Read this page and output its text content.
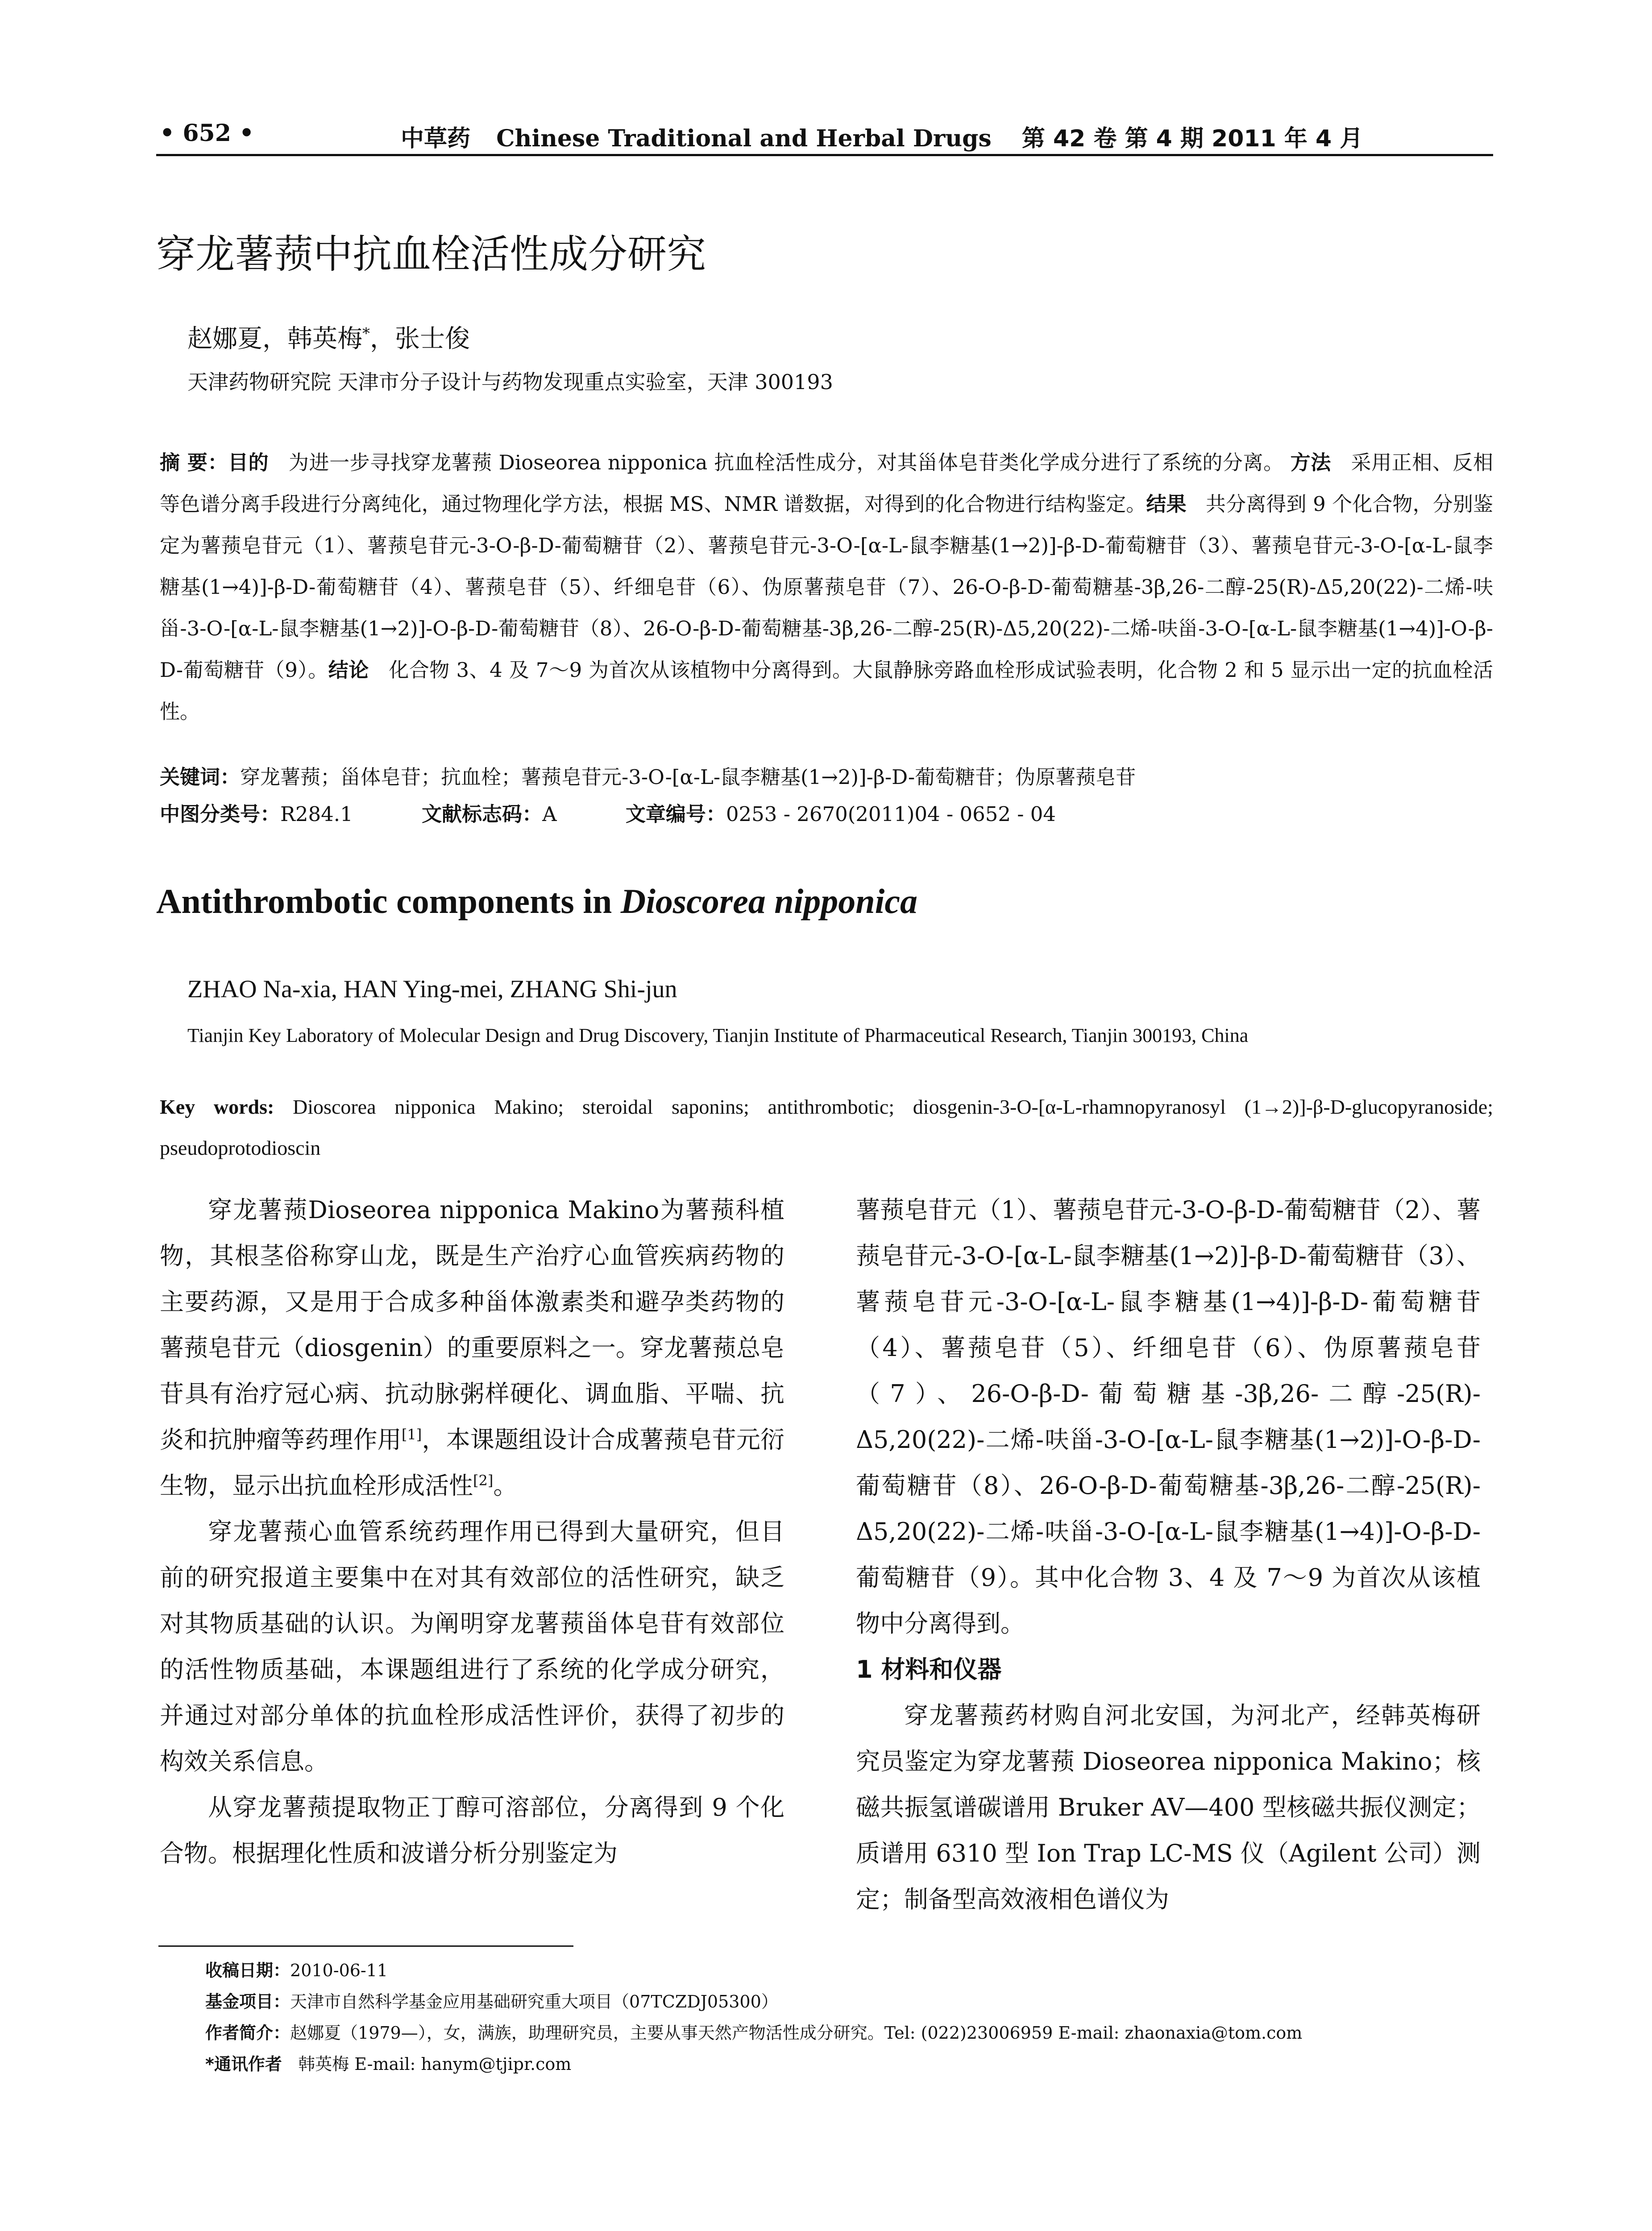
• 652 •	中草药 Chinese Traditional and Herbal Drugs 第 42 卷 第 4 期 2011 年 4 月
穿龙薯蓣中抗血栓活性成分研究
赵娜夏，韩英梅*，张士俊
天津药物研究院 天津市分子设计与药物发现重点实验室，天津 300193
摘 要：目的 为进一步寻找穿龙薯蓣 Dioseorea nipponica 抗血栓活性成分，对其甾体皂苷类化学成分进行了系统的分离。 方法 采用正相、反相等色谱分离手段进行分离纯化，通过物理化学方法，根据 MS、NMR 谱数据，对得到的化合物进行结构鉴定。结果 共分离得到 9 个化合物，分别鉴定为薯蓣皂苷元（1）、薯蓣皂苷元-3-O-β-D-葡萄糖苷（2）、薯蓣皂苷元-3-O-[α-L-鼠李糖基(1→2)]-β-D-葡萄糖苷（3）、薯蓣皂苷元-3-O-[α-L-鼠李糖基(1→4)]-β-D-葡萄糖苷（4）、薯蓣皂苷（5）、纤细皂苷（6）、伪原薯蓣皂苷（7）、26-O-β-D-葡萄糖基-3β,26-二醇-25(R)-Δ5,20(22)-二烯-呋甾-3-O-[α-L-鼠李糖基(1→2)]-O-β-D-葡萄糖苷（8）、26-O-β-D-葡萄糖基-3β,26-二醇-25(R)-Δ5,20(22)-二烯-呋甾-3-O-[α-L-鼠李糖基(1→4)]-O-β-D-葡萄糖苷（9）。结论 化合物 3、4 及 7～9 为首次从该植物中分离得到。大鼠静脉旁路血栓形成试验表明，化合物 2 和 5 显示出一定的抗血栓活性。
关键词：穿龙薯蓣；甾体皂苷；抗血栓；薯蓣皂苷元-3-O-[α-L-鼠李糖基(1→2)]-β-D-葡萄糖苷；伪原薯蓣皂苷
中图分类号：R284.1	文献标志码：A	文章编号：0253 - 2670(2011)04 - 0652 - 04
Antithrombotic components in Dioscorea nipponica
ZHAO Na-xia, HAN Ying-mei, ZHANG Shi-jun
Tianjin Key Laboratory of Molecular Design and Drug Discovery, Tianjin Institute of Pharmaceutical Research, Tianjin 300193, China
Key words: Dioscorea nipponica Makino; steroidal saponins; antithrombotic; diosgenin-3-O-[α-L-rhamnopyranosyl (1→2)]-β-D-glucopyranoside; pseudoprotodioscin

穿龙薯蓣Dioseorea nipponica Makino为薯蓣科植物，其根茎俗称穿山龙，既是生产治疗心血管疾病药物的主要药源，又是用于合成多种甾体激素类和避孕类药物的薯蓣皂苷元（diosgenin）的重要原料之一。穿龙薯蓣总皂苷具有治疗冠心病、抗动脉粥样硬化、调血脂、平喘、抗炎和抗肿瘤等药理作用[1]，本课题组设计合成薯蓣皂苷元衍生物，显示出抗血栓形成活性[2]。

穿龙薯蓣心血管系统药理作用已得到大量研究，但目前的研究报道主要集中在对其有效部位的活性研究，缺乏对其物质基础的认识。为阐明穿龙薯蓣甾体皂苷有效部位的活性物质基础，本课题组进行了系统的化学成分研究，并通过对部分单体的抗血栓形成活性评价，获得了初步的构效关系信息。

从穿龙薯蓣提取物正丁醇可溶部位，分离得到 9 个化合物。根据理化性质和波谱分析分别鉴定为

薯蓣皂苷元（1）、薯蓣皂苷元-3-O-β-D-葡萄糖苷（2）、薯蓣皂苷元-3-O-[α-L-鼠李糖基(1→2)]-β-D-葡萄糖苷（3）、薯蓣皂苷元-3-O-[α-L-鼠李糖基(1→4)]-β-D-葡萄糖苷（4）、薯蓣皂苷（5）、纤细皂苷（6）、伪原薯蓣皂苷（7）、26-O-β-D-葡萄糖基-3β,26-二醇-25(R)-Δ5,20(22)-二烯-呋甾-3-O-[α-L-鼠李糖基(1→2)]-O-β-D-葡萄糖苷（8）、26-O-β-D-葡萄糖基-3β,26-二醇-25(R)-Δ5,20(22)-二烯-呋甾-3-O-[α-L-鼠李糖基(1→4)]-O-β-D-葡萄糖苷（9）。其中化合物 3、4 及 7～9 为首次从该植物中分离得到。

1 材料和仪器

穿龙薯蓣药材购自河北安国，为河北产，经韩英梅研究员鉴定为穿龙薯蓣 Dioseorea nipponica Makino；核磁共振氢谱碳谱用 Bruker AV—400 型核磁共振仪测定；质谱用 6310 型 Ion Trap LC-MS 仪（Agilent 公司）测定；制备型高效液相色谱仪为

收稿日期：2010-06-11
基金项目：天津市自然科学基金应用基础研究重大项目（07TCZDJ05300）
作者简介：赵娜夏（1979—），女，满族，助理研究员，主要从事天然产物活性成分研究。Tel: (022)23006959 E-mail: zhaonaxia@tom.com
*通讯作者 韩英梅 E-mail: hanym@tjipr.com
